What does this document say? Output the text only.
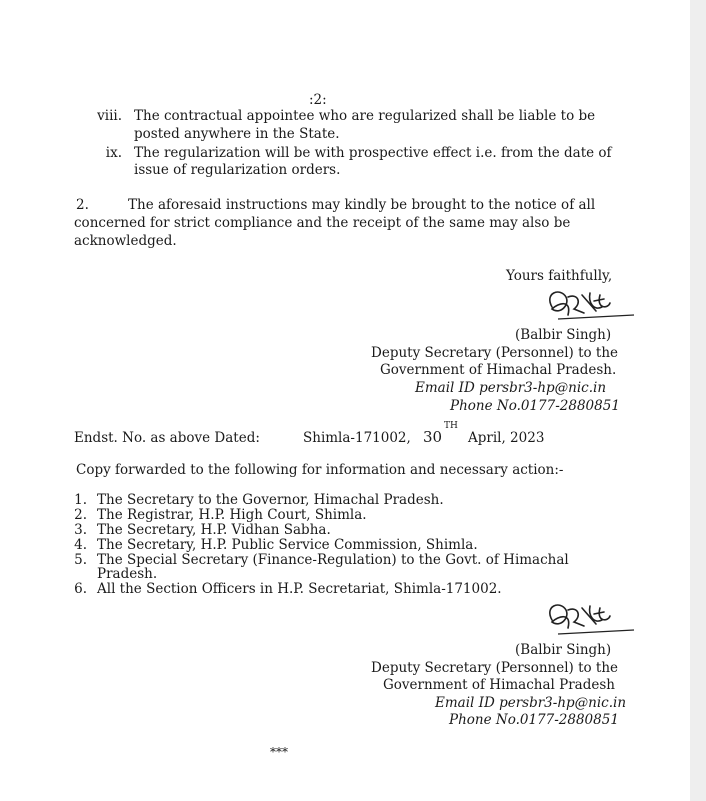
:2:
viii. The contractual appointee who are regularized shall be liable to be
posted anywhere in the State.
ix. The regularization will be with prospective effect i.e. from the date of
issue of regularization orders.
2.	The aforesaid instructions may kindly be brought to the notice of all
concerned for strict compliance and the receipt of the same may also be
acknowledged.
Yours faithfully,
(Balbir Singh)
Deputy Secretary (Personnel) to the
Government of Himachal Pradesh.
Email ID persbr3-hp@nic.in
Phone No.0177-2880851
Endst. No. as above Dated:	Shimla-171002, 30
TH
April, 2023
Copy forwarded to the following for information and necessary action:-
1. The Secretary to the Governor, Himachal Pradesh.
2. The Registrar, H.P. High Court, Shimla.
3. The Secretary, H.P. Vidhan Sabha.
4. The Secretary, H.P. Public Service Commission, Shimla.
5. The Special Secretary (Finance-Regulation) to the Govt. of Himachal
Pradesh.
6. All the Section Officers in H.P. Secretariat, Shimla-171002.
(Balbir Singh)
Deputy Secretary (Personnel) to the
Government of Himachal Pradesh
Email ID persbr3-hp@nic.in
Phone No.0177-2880851
***
